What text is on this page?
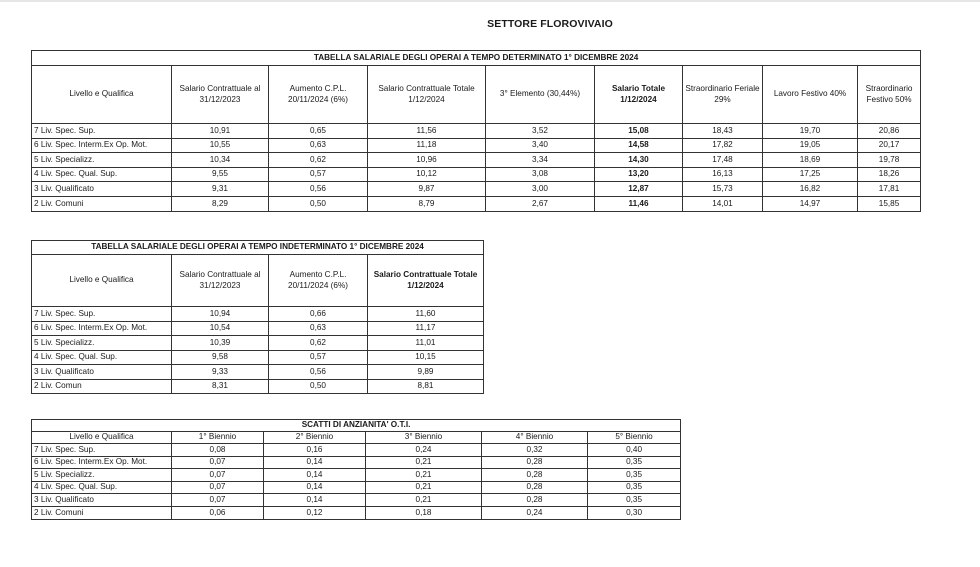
SETTORE FLOROVIVAIO
TABELLA SALARIALE DEGLI OPERAI A TEMPO DETERMINATO 1° DICEMBRE 2024								
Livello e Qualifica	Salario Contrattuale al 31/12/2023	Aumento C.P.L. 20/11/2024 (6%)	Salario Contrattuale Totale 1/12/2024	3° Elemento (30,44%)	Salario Totale 1/12/2024	Straordinario Feriale 29%	Lavoro Festivo 40%	Straordinario Festivo 50%
7 Liv. Spec. Sup.	10,91	0,65	11,56	3,52	15,08	18,43	19,70	20,86
6 Liv. Spec. Interm.Ex Op. Mot.	10,55	0,63	11,18	3,40	14,58	17,82	19,05	20,17
5 Liv. Specializz.	10,34	0,62	10,96	3,34	14,30	17,48	18,69	19,78
4 Liv. Spec. Qual. Sup.	9,55	0,57	10,12	3,08	13,20	16,13	17,25	18,26
3 Liv. Qualificato	9,31	0,56	9,87	3,00	12,87	15,73	16,82	17,81
2 Liv. Comuni	8,29	0,50	8,79	2,67	11,46	14,01	14,97	15,85
TABELLA SALARIALE DEGLI OPERAI A TEMPO INDETERMINATO 1° DICEMBRE 2024			
Livello e Qualifica	Salario Contrattuale al 31/12/2023	Aumento C.P.L. 20/11/2024 (6%)	Salario Contrattuale Totale 1/12/2024
7 Liv. Spec. Sup.	10,94	0,66	11,60
6 Liv. Spec. Interm.Ex Op. Mot.	10,54	0,63	11,17
5 Liv. Specializz.	10,39	0,62	11,01
4 Liv. Spec. Qual. Sup.	9,58	0,57	10,15
3 Liv. Qualificato	9,33	0,56	9,89
2 Liv. Comun	8,31	0,50	8,81
SCATTI DI ANZIANITA' O.T.I.					
Livello e Qualifica	1° Biennio	2° Biennio	3° Biennio	4° Biennio	5° Biennio
7 Liv. Spec. Sup.	0,08	0,16	0,24	0,32	0,40
6 Liv. Spec. Interm.Ex Op. Mot.	0,07	0,14	0,21	0,28	0,35
5 Liv. Specializz.	0,07	0,14	0,21	0,28	0,35
4 Liv. Spec. Qual. Sup.	0,07	0,14	0,21	0,28	0,35
3 Liv. Qualificato	0,07	0,14	0,21	0,28	0,35
2 Liv. Comuni	0,06	0,12	0,18	0,24	0,30
